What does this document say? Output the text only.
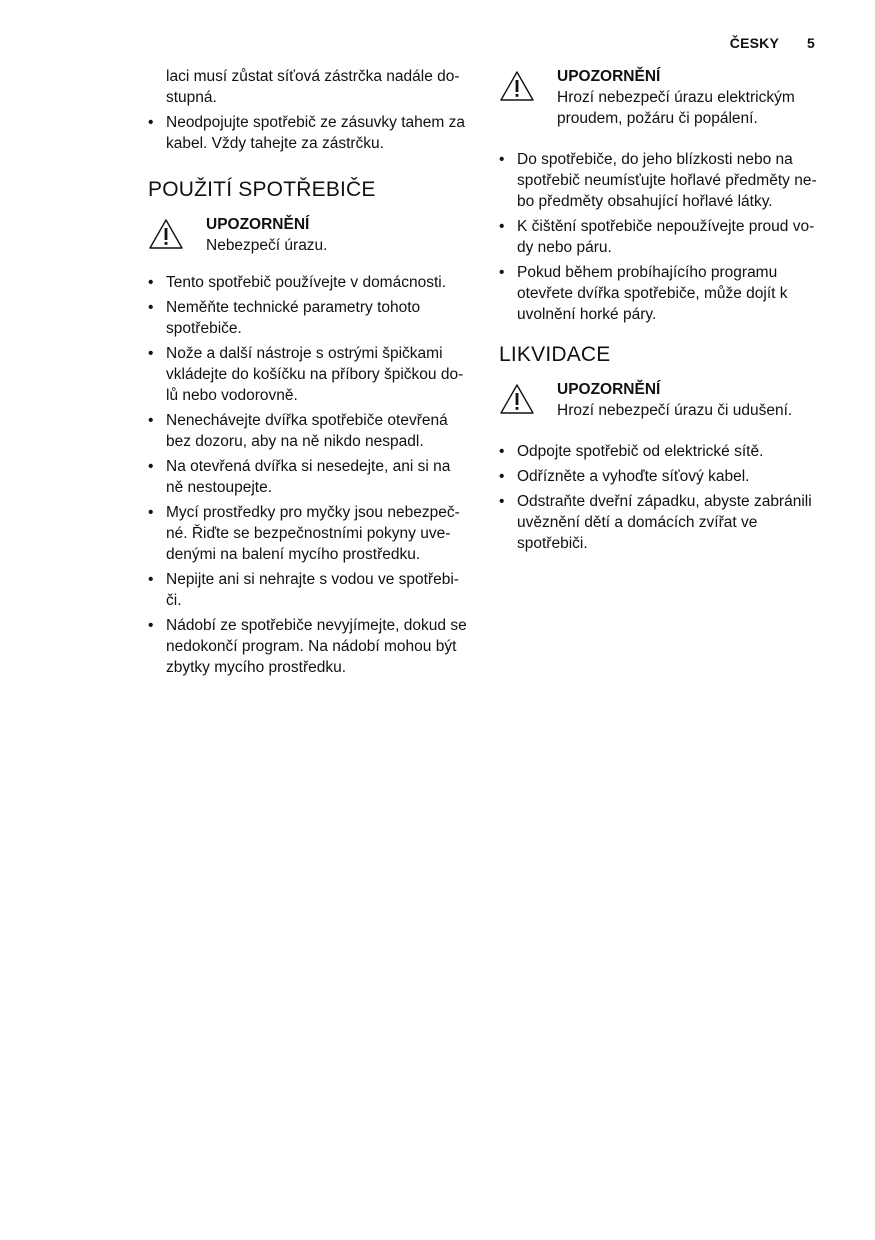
ČESKY 5
laci musí zůstat síťová zástrčka nadále do-stupná.
• Neodpojujte spotřebič ze zásuvky tahem za kabel. Vždy tahejte za zástrčku.
POUŽITÍ SPOTŘEBIČE
UPOZORNĚNÍ
Nebezpečí úrazu.
• Tento spotřebič používejte v domácnosti.
• Neměňte technické parametry tohoto spotřebiče.
• Nože a další nástroje s ostrými špičkami vkládejte do košíčku na příbory špičkou do-lů nebo vodorovně.
• Nenechávejte dvířka spotřebiče otevřená bez dozoru, aby na ně nikdo nespadl.
• Na otevřená dvířka si nesedejte, ani si na ně nestoupejte.
• Mycí prostředky pro myčky jsou nebezpeč-né. Řiďte se bezpečnostními pokyny uve-denými na balení mycího prostředku.
• Nepijte ani si nehrajte s vodou ve spotřebi-či.
• Nádobí ze spotřebiče nevyjímejte, dokud se nedokončí program. Na nádobí mohou být zbytky mycího prostředku.
UPOZORNĚNÍ
Hrozí nebezpečí úrazu elektrickým proudem, požáru či popálení.
• Do spotřebiče, do jeho blízkosti nebo na spotřebič neumísťujte hořlavé předměty ne-bo předměty obsahující hořlavé látky.
• K čištění spotřebiče nepoužívejte proud vo-dy nebo páru.
• Pokud během probíhajícího programu otevřete dvířka spotřebiče, může dojít k uvolnění horké páry.
LIKVIDACE
UPOZORNĚNÍ
Hrozí nebezpečí úrazu či udušení.
• Odpojte spotřebič od elektrické sítě.
• Odřízněte a vyhoďte síťový kabel.
• Odstraňte dveřní západku, abyste zabránili uvěznění dětí a domácích zvířat ve spotřebiči.
